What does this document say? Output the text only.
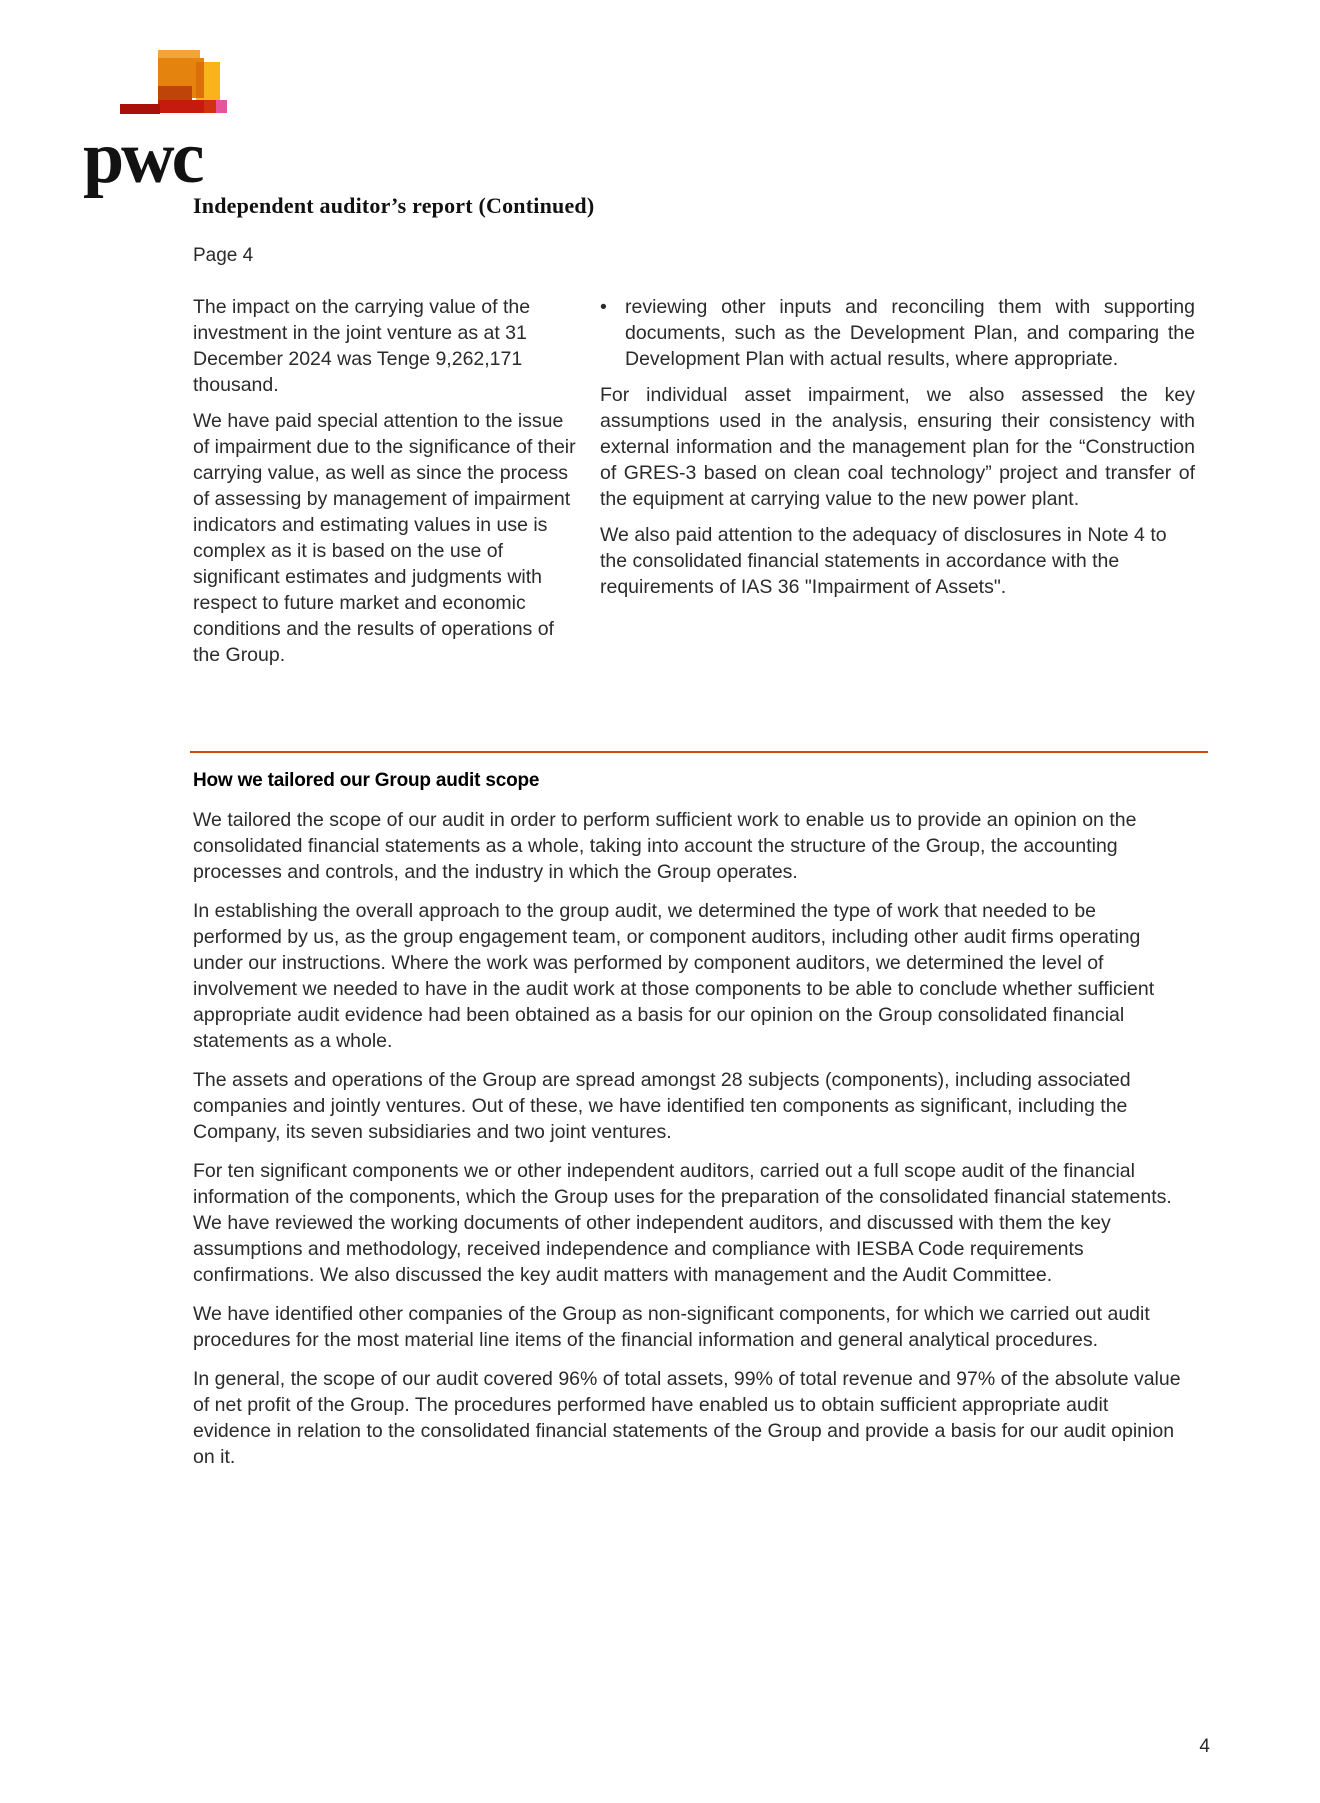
pwc
Independent auditor’s report (Continued)
Page 4

The impact on the carrying value of the investment in the joint venture as at 31 December 2024 was Tenge 9,262,171 thousand.

We have paid special attention to the issue of impairment due to the significance of their carrying value, as well as since the process of assessing by management of impairment indicators and estimating values in use is complex as it is based on the use of significant estimates and judgments with respect to future market and economic conditions and the results of operations of the Group.

• reviewing other inputs and reconciling them with supporting documents, such as the Development Plan, and comparing the Development Plan with actual results, where appropriate.

For individual asset impairment, we also assessed the key assumptions used in the analysis, ensuring their consistency with external information and the management plan for the “Construction of GRES-3 based on clean coal technology” project and transfer of the equipment at carrying value to the new power plant.

We also paid attention to the adequacy of disclosures in Note 4 to the consolidated financial statements in accordance with the requirements of IAS 36 "Impairment of Assets".

How we tailored our Group audit scope

We tailored the scope of our audit in order to perform sufficient work to enable us to provide an opinion on the consolidated financial statements as a whole, taking into account the structure of the Group, the accounting processes and controls, and the industry in which the Group operates.

In establishing the overall approach to the group audit, we determined the type of work that needed to be performed by us, as the group engagement team, or component auditors, including other audit firms operating under our instructions. Where the work was performed by component auditors, we determined the level of involvement we needed to have in the audit work at those components to be able to conclude whether sufficient appropriate audit evidence had been obtained as a basis for our opinion on the Group consolidated financial statements as a whole.

The assets and operations of the Group are spread amongst 28 subjects (components), including associated companies and jointly ventures. Out of these, we have identified ten components as significant, including the Company, its seven subsidiaries and two joint ventures.

For ten significant components we or other independent auditors, carried out a full scope audit of the financial information of the components, which the Group uses for the preparation of the consolidated financial statements. We have reviewed the working documents of other independent auditors, and discussed with them the key assumptions and methodology, received independence and compliance with IESBA Code requirements confirmations. We also discussed the key audit matters with management and the Audit Committee.

We have identified other companies of the Group as non-significant components, for which we carried out audit procedures for the most material line items of the financial information and general analytical procedures.

In general, the scope of our audit covered 96% of total assets, 99% of total revenue and 97% of the absolute value of net profit of the Group. The procedures performed have enabled us to obtain sufficient appropriate audit evidence in relation to the consolidated financial statements of the Group and provide a basis for our audit opinion on it.

4
